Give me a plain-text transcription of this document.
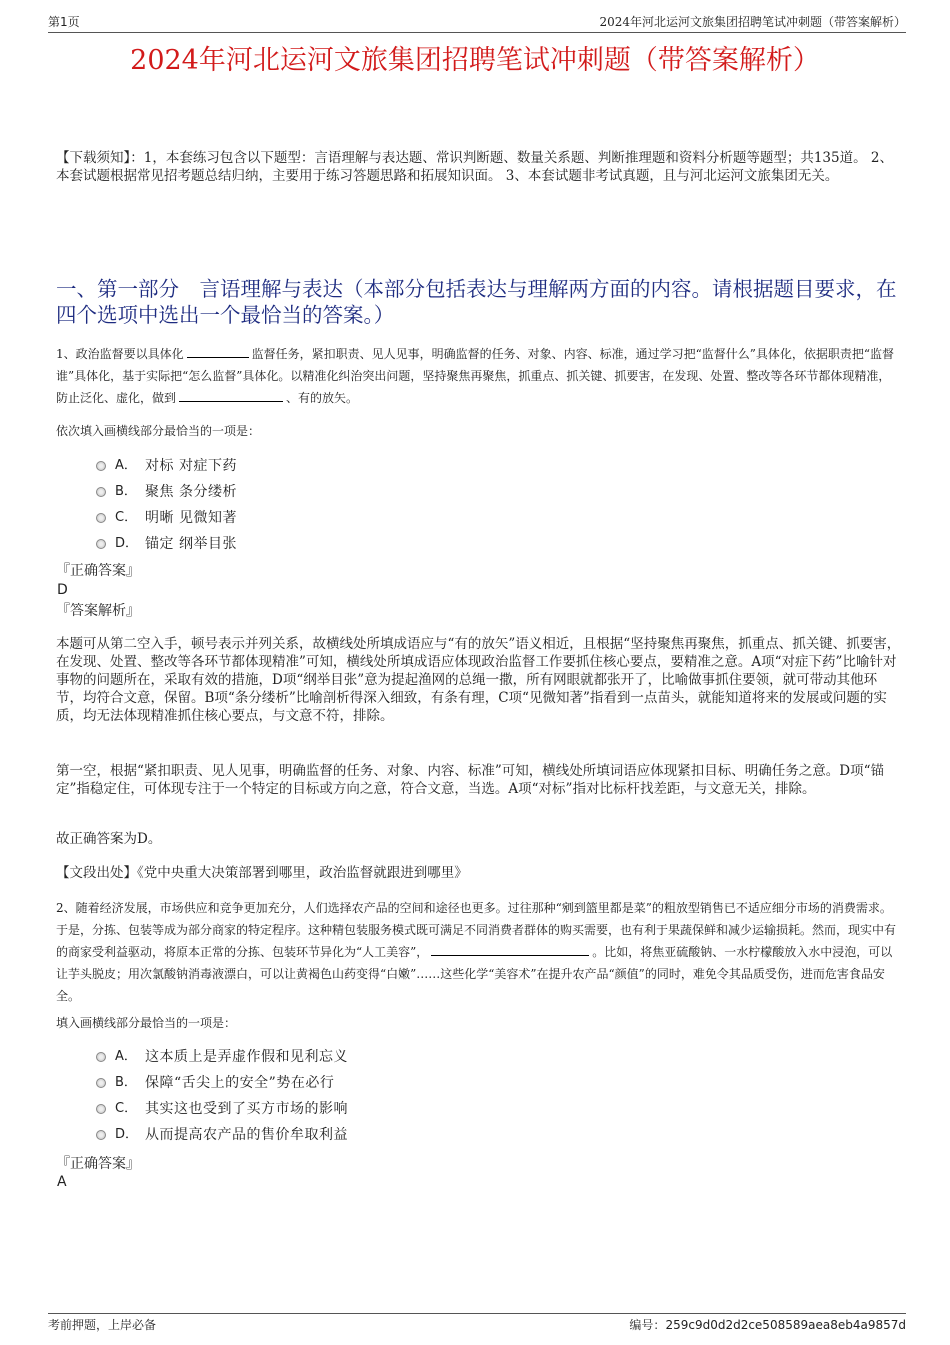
第1页	2024年河北运河文旅集团招聘笔试冲刺题（带答案解析）
2024年河北运河文旅集团招聘笔试冲刺题（带答案解析）
【下载须知】：1，本套练习包含以下题型：言语理解与表达题、常识判断题、数量关系题、判断推理题和资料分析题等题型；共135道。 2、本套试题根据常见招考题总结归纳，主要用于练习答题思路和拓展知识面。 3、本套试题非考试真题，且与河北运河文旅集团无关。
一、第一部分　言语理解与表达（本部分包括表达与理解两方面的内容。请根据题目要求，在四个选项中选出一个最恰当的答案。）
1、政治监督要以具体化	监督任务，紧扣职责、见人见事，明确监督的任务、对象、内容、标准，通过学习把“监督什么”具体化，依据职责把“监督谁”具体化，基于实际把“怎么监督”具体化。以精准化纠治突出问题，坚持聚焦再聚焦，抓重点、抓关键、抓要害，在发现、处置、整改等各环节都体现精准，防止泛化、虚化，做到	、有的放矢。
依次填入画横线部分最恰当的一项是：
A． 对标 对症下药
B． 聚焦 条分缕析
C． 明晰 见微知著
D． 锚定 纲举目张
『正确答案』
D
『答案解析』
本题可从第二空入手，顿号表示并列关系，故横线处所填成语应与“有的放矢”语义相近，且根据“坚持聚焦再聚焦，抓重点、抓关键、抓要害，在发现、处置、整改等各环节都体现精准”可知，横线处所填成语应体现政治监督工作要抓住核心要点，要精准之意。A项“对症下药”比喻针对事物的问题所在，采取有效的措施，D项“纲举目张”意为提起渔网的总绳一撒，所有网眼就都张开了，比喻做事抓住要领，就可带动其他环节，均符合文意，保留。B项“条分缕析”比喻剖析得深入细致，有条有理，C项“见微知著”指看到一点苗头，就能知道将来的发展或问题的实质，均无法体现精准抓住核心要点，与文意不符，排除。
第一空，根据“紧扣职责、见人见事，明确监督的任务、对象、内容、标准”可知，横线处所填词语应体现紧扣目标、明确任务之意。D项“锚定”指稳定住，可体现专注于一个特定的目标或方向之意，符合文意，当选。A项“对标”指对比标杆找差距，与文意无关，排除。
故正确答案为D。
【文段出处】《党中央重大决策部署到哪里，政治监督就跟进到哪里》
2、随着经济发展，市场供应和竞争更加充分，人们选择农产品的空间和途径也更多。过往那种“剜到篮里都是菜”的粗放型销售已不适应细分市场的消费需求。于是，分拣、包装等成为部分商家的特定程序。这种精包装服务模式既可满足不同消费者群体的购买需要，也有利于果蔬保鲜和减少运输损耗。然而，现实中有的商家受利益驱动，将原本正常的分拣、包装环节异化为“人工美容”，	。比如，将焦亚硫酸钠、一水柠檬酸放入水中浸泡，可以让芋头脱皮；用次氯酸钠消毒液漂白，可以让黄褐色山药变得“白嫩”……这些化学“美容术”在提升农产品“颜值”的同时，难免令其品质受伤，进而危害食品安全。
填入画横线部分最恰当的一项是：
A． 这本质上是弄虚作假和见利忘义
B． 保障“舌尖上的安全”势在必行
C． 其实这也受到了买方市场的影响
D． 从而提高农产品的售价牟取利益
『正确答案』
A
考前押题，上岸必备	编号：259c9d0d2d2ce508589aea8eb4a9857d
